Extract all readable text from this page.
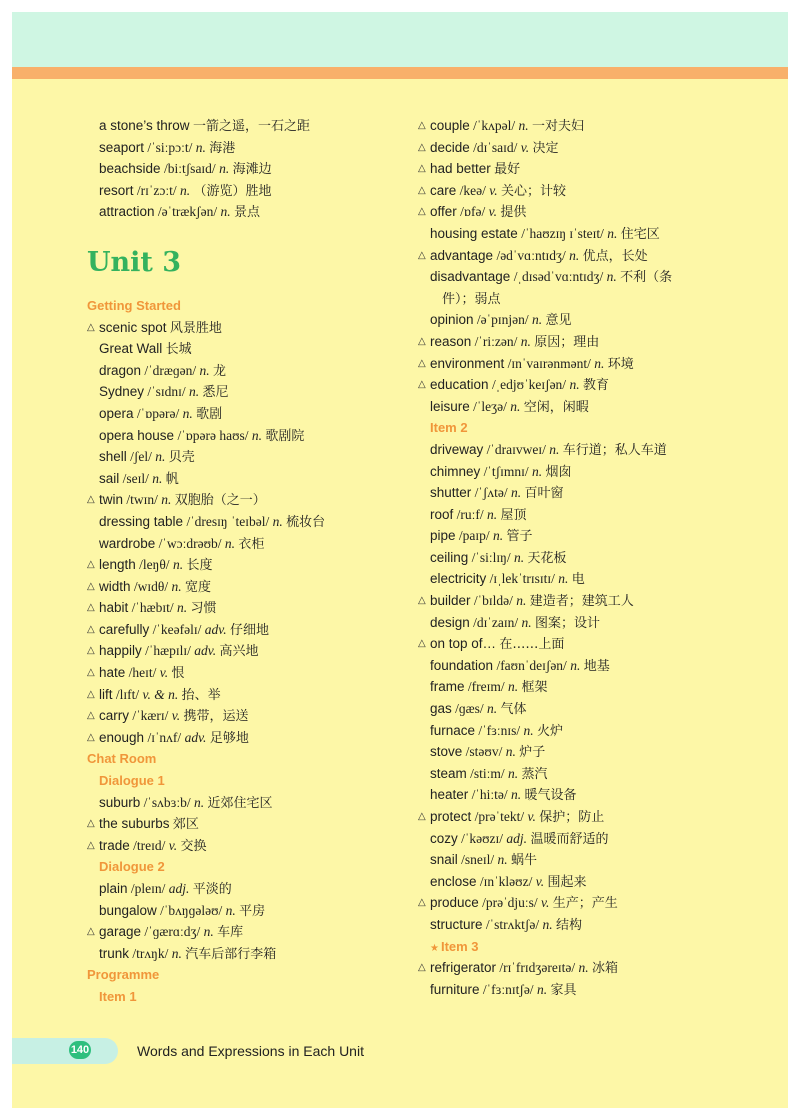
a stone’s throw 一箭之遥，一石之距
seaport /ˈsiːpɔːt/ n. 海港
beachside /biːtʃsaɪd/ n. 海滩边
resort /rɪˈzɔːt/ n. （游览）胜地
attraction /əˈtrækʃən/ n. 景点
Unit 3
Getting Started
△ scenic spot 风景胜地
Great Wall 长城
dragon /ˈdræɡən/ n. 龙
Sydney /ˈsɪdnɪ/ n. 悉尼
opera /ˈɒpərə/ n. 歌剧
opera house /ˈɒpərə haʊs/ n. 歌剧院
shell /ʃel/ n. 贝壳
sail /seɪl/ n. 帆
△ twin /twɪn/ n. 双胞胎（之一）
dressing table /ˈdresɪŋ ˈteɪbəl/ n. 梳妆台
wardrobe /ˈwɔːdrəʊb/ n. 衣柜
△ length /leŋθ/ n. 长度
△ width /wɪdθ/ n. 宽度
△ habit /ˈhæbɪt/ n. 习惯
△ carefully /ˈkeəfəlɪ/ adv. 仔细地
△ happily /ˈhæpɪlɪ/ adv. 高兴地
△ hate /heɪt/ v. 恨
△ lift /lɪft/ v. & n. 抬、举
△ carry /ˈkærɪ/ v. 携带，运送
△ enough /ɪˈnʌf/ adv. 足够地
Chat Room
Dialogue 1
suburb /ˈsʌbɜːb/ n. 近郊住宅区
△ the suburbs 郊区
△ trade /treɪd/ v. 交换
Dialogue 2
plain /pleɪn/ adj. 平淡的
bungalow /ˈbʌŋɡələʊ/ n. 平房
△ garage /ˈɡærɑːdʒ/ n. 车库
trunk /trʌŋk/ n. 汽车后部行李箱
Programme
Item 1
△ couple /ˈkʌpəl/ n. 一对夫妇
△ decide /dɪˈsaɪd/ v. 决定
△ had better 最好
△ care /keə/ v. 关心；计较
△ offer /ɒfə/ v. 提供
housing estate /ˈhaʊzɪŋ ɪˈsteɪt/ n. 住宅区
△ advantage /ədˈvɑːntɪdʒ/ n. 优点，长处
disadvantage /ˌdɪsədˈvɑːntɪdʒ/ n. 不利（条
件）；弱点
opinion /əˈpɪnjən/ n. 意见
△ reason /ˈriːzən/ n. 原因；理由
△ environment /ɪnˈvaɪrənmənt/ n. 环境
△ education /ˌedjʊˈkeɪʃən/ n. 教育
leisure /ˈleʒə/ n. 空闲，闲暇
Item 2
driveway /ˈdraɪvweɪ/ n. 车行道；私人车道
chimney /ˈtʃɪmnɪ/ n. 烟囱
shutter /ˈʃʌtə/ n. 百叶窗
roof /ruːf/ n. 屋顶
pipe /paɪp/ n. 管子
ceiling /ˈsiːlɪŋ/ n. 天花板
electricity /ɪˌlekˈtrɪsɪtɪ/ n. 电
△ builder /ˈbɪldə/ n. 建造者；建筑工人
design /dɪˈzaɪn/ n. 图案；设计
△ on top of… 在……上面
foundation /faʊnˈdeɪʃən/ n. 地基
frame /freɪm/ n. 框架
gas /ɡæs/ n. 气体
furnace /ˈfɜːnɪs/ n. 火炉
stove /stəʊv/ n. 炉子
steam /stiːm/ n. 蒸汽
heater /ˈhiːtə/ n. 暖气设备
△ protect /prəˈtekt/ v. 保护；防止
cozy /ˈkəʊzɪ/ adj. 温暖而舒适的
snail /sneɪl/ n. 蜗牛
enclose /ɪnˈkləʊz/ v. 围起来
△ produce /prəˈdjuːs/ v. 生产；产生
structure /ˈstrʌktʃə/ n. 结构
★ Item 3
△ refrigerator /rɪˈfrɪdʒəreɪtə/ n. 冰箱
furniture /ˈfɜːnɪtʃə/ n. 家具
140	Words and Expressions in Each Unit
